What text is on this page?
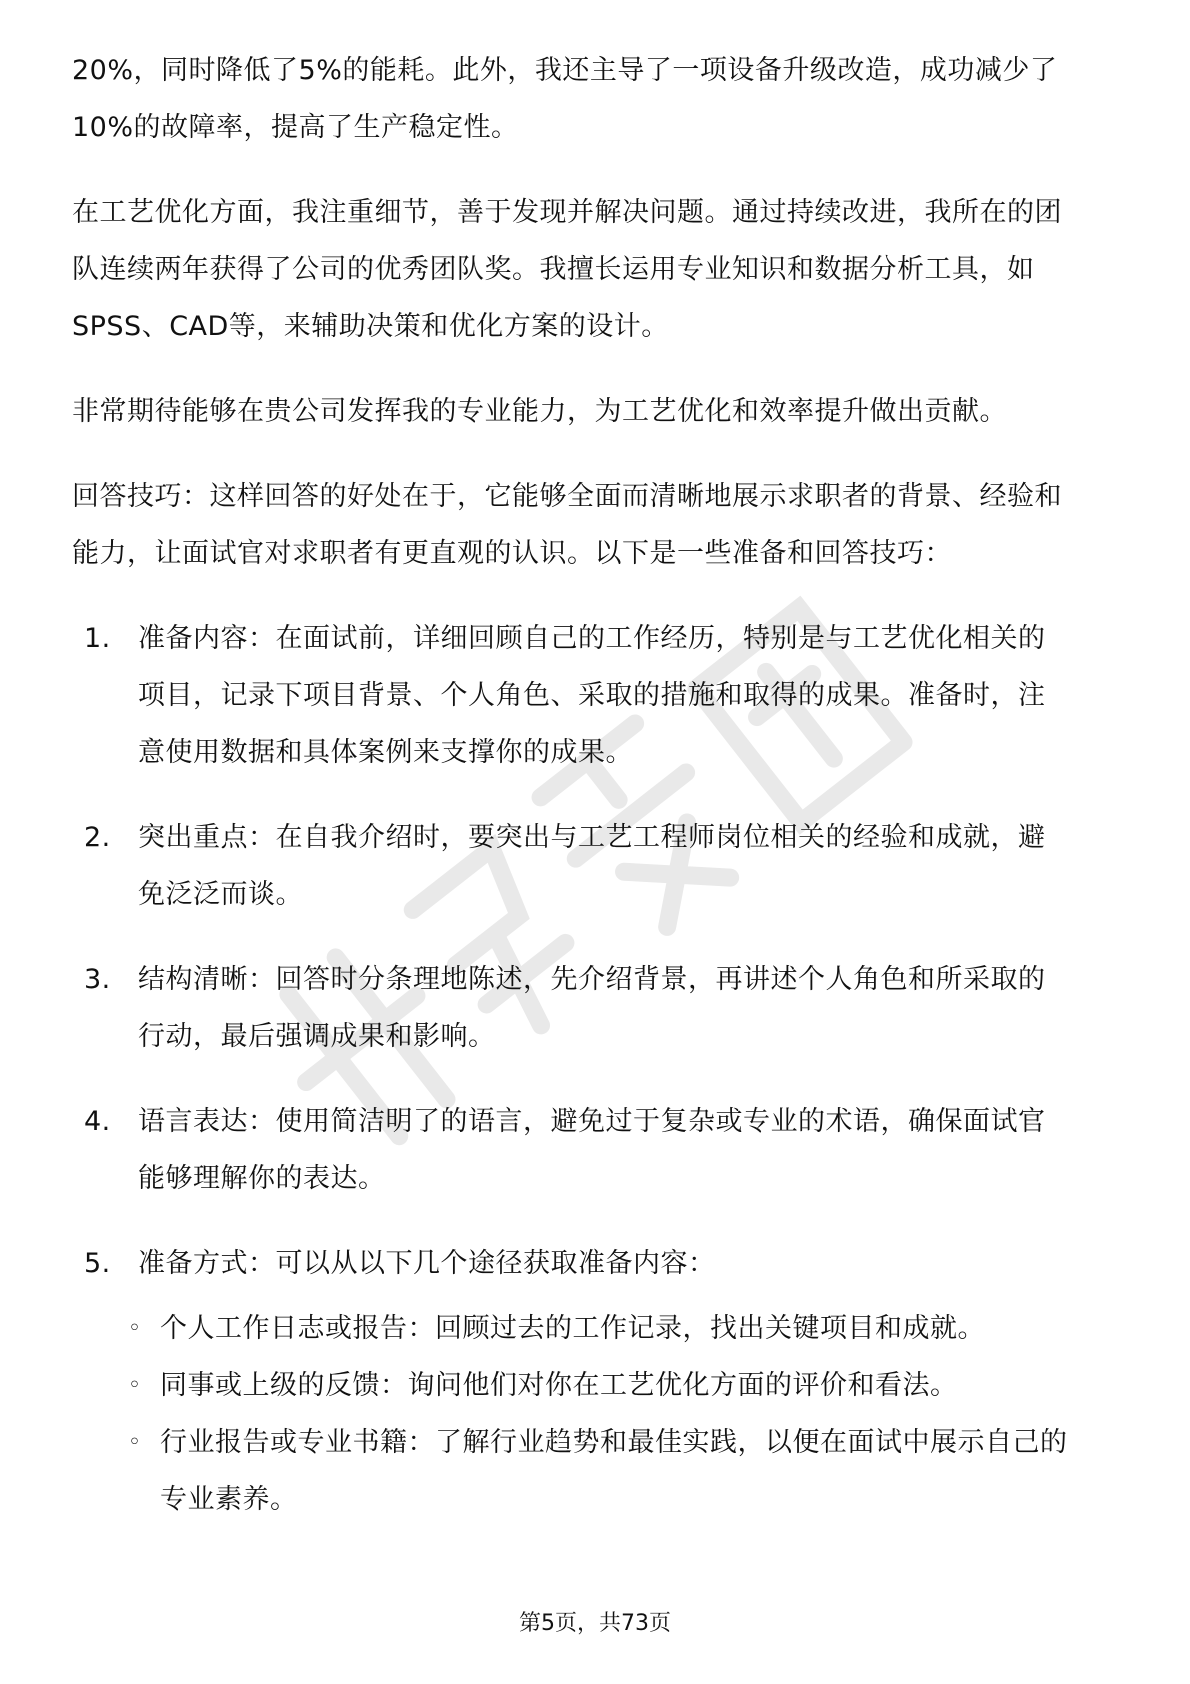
20%，同时降低了5%的能耗。此外，我还主导了一项设备升级改造，成功减少了10%的故障率，提高了生产稳定性。

在工艺优化方面，我注重细节，善于发现并解决问题。通过持续改进，我所在的团队连续两年获得了公司的优秀团队奖。我擅长运用专业知识和数据分析工具，如SPSS、CAD等，来辅助决策和优化方案的设计。

非常期待能够在贵公司发挥我的专业能力，为工艺优化和效率提升做出贡献。

回答技巧：这样回答的好处在于，它能够全面而清晰地展示求职者的背景、经验和能力，让面试官对求职者有更直观的认识。以下是一些准备和回答技巧：

1.	准备内容：在面试前，详细回顾自己的工作经历，特别是与工艺优化相关的项目，记录下项目背景、个人角色、采取的措施和取得的成果。准备时，注意使用数据和具体案例来支撑你的成果。
2.	突出重点：在自我介绍时，要突出与工艺工程师岗位相关的经验和成就，避免泛泛而谈。
3.	结构清晰：回答时分条理地陈述，先介绍背景，再讲述个人角色和所采取的行动，最后强调成果和影响。
4.	语言表达：使用简洁明了的语言，避免过于复杂或专业的术语，确保面试官能够理解你的表达。
5.	准备方式：可以从以下几个途径获取准备内容：
◦ 个人工作日志或报告：回顾过去的工作记录，找出关键项目和成就。
◦ 同事或上级的反馈：询问他们对你在工艺优化方面的评价和看法。
◦ 行业报告或专业书籍：了解行业趋势和最佳实践，以便在面试中展示自己的专业素养。
第5页，共73页
